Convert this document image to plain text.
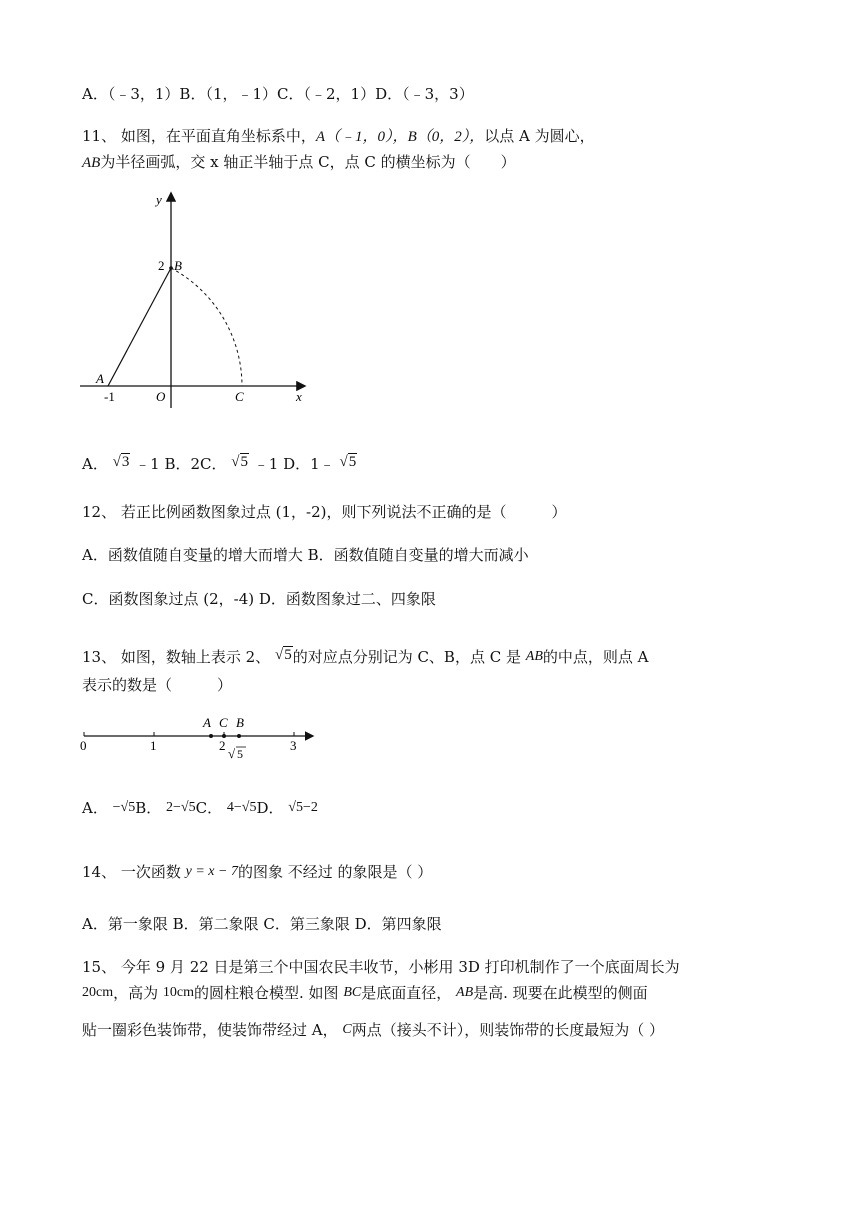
A．（﹣3，1）B．（1，﹣1）C．（﹣2，1）D．（﹣3，3）
11、 如图，在平面直角坐标系中，A（﹣1，0），B（0，2），以点 A 为圆心，
AB为半径画弧，交 x 轴正半轴于点 C，点 C 的横坐标为（　　）
y
2 B
A
-1	O	C	x
A． √3 ﹣1 B．2C． √5 ﹣1 D．1﹣ √5
12、 若正比例函数图象过点 (1，-2)，则下列说法不正确的是（　　　）
A．函数值随自变量的增大而增大 B．函数值随自变量的增大而减小
C．函数图象过点 (2，-4) D．函数图象过二、四象限
13、 如图，数轴上表示 2、 √5的对应点分别记为 C、B，点 C 是 AB的中点，则点 A
表示的数是（　　　）
A C B
0	1	2	3
√ 5
A． −√5B． 2−√5C． 4−√5D． √5−2
14、 一次函数 y = x − 7的图象 不经过 的象限是（ ）
A．第一象限 B．第二象限 C．第三象限 D．第四象限
15、 今年 9 月 22 日是第三个中国农民丰收节，小彬用 3D 打印机制作了一个底面周长为
20cm，高为 10cm的圆柱粮仓模型. 如图 BC是底面直径， AB是高. 现要在此模型的侧面
贴一圈彩色装饰带，使装饰带经过 A， C两点（接头不计），则装饰带的长度最短为（ ）
